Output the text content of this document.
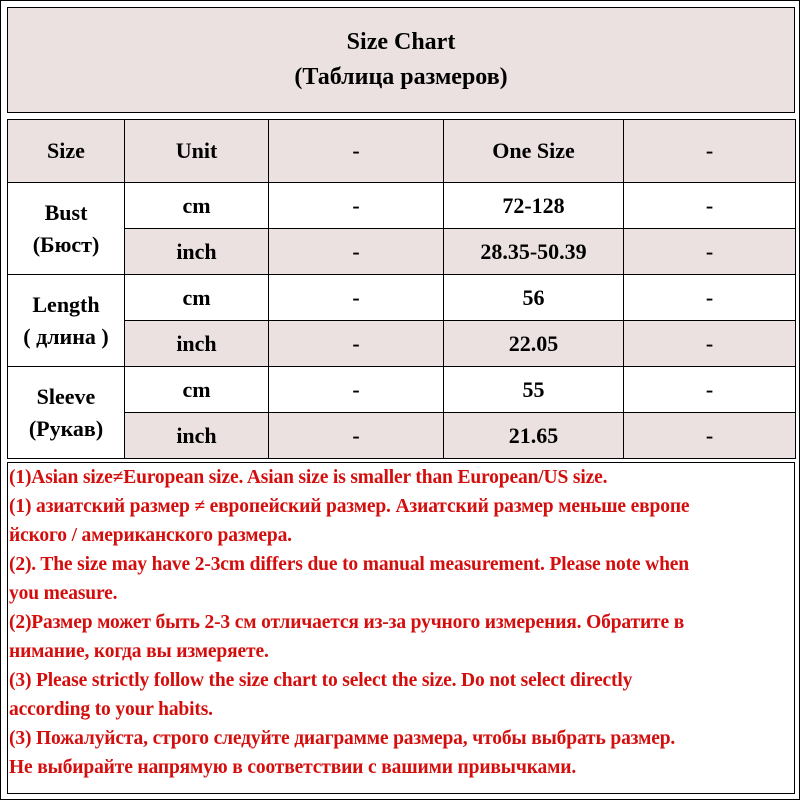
Size Chart
(Таблица размеров)
Size	Unit	-	One Size	-

Bust
(Бюст)	cm	-	72-128	-
	inch	-	28.35-50.39	-

Length
( длина )	cm	-	56	-
	inch	-	22.05	-

Sleeve
(Рукав)	cm	-	55	-
	inch	-	21.65	-
(1)Asian size≠European size. Asian size is smaller than European/US size.
(1) азиатский размер ≠ европейский размер. Азиатский размер меньше европе
йского / американского размера.
(2). The size may have 2-3cm differs due to manual measurement. Please note when
you measure.
(2)Размер может быть 2-3 см отличается из-за ручного измерения. Обратите в
нимание, когда вы измеряете.
(3) Please strictly follow the size chart to select the size. Do not select directly
according to your habits.
(3) Пожалуйста, строго следуйте диаграмме размера, чтобы выбрать размер.
Не выбирайте напрямую в соответствии с вашими привычками.
